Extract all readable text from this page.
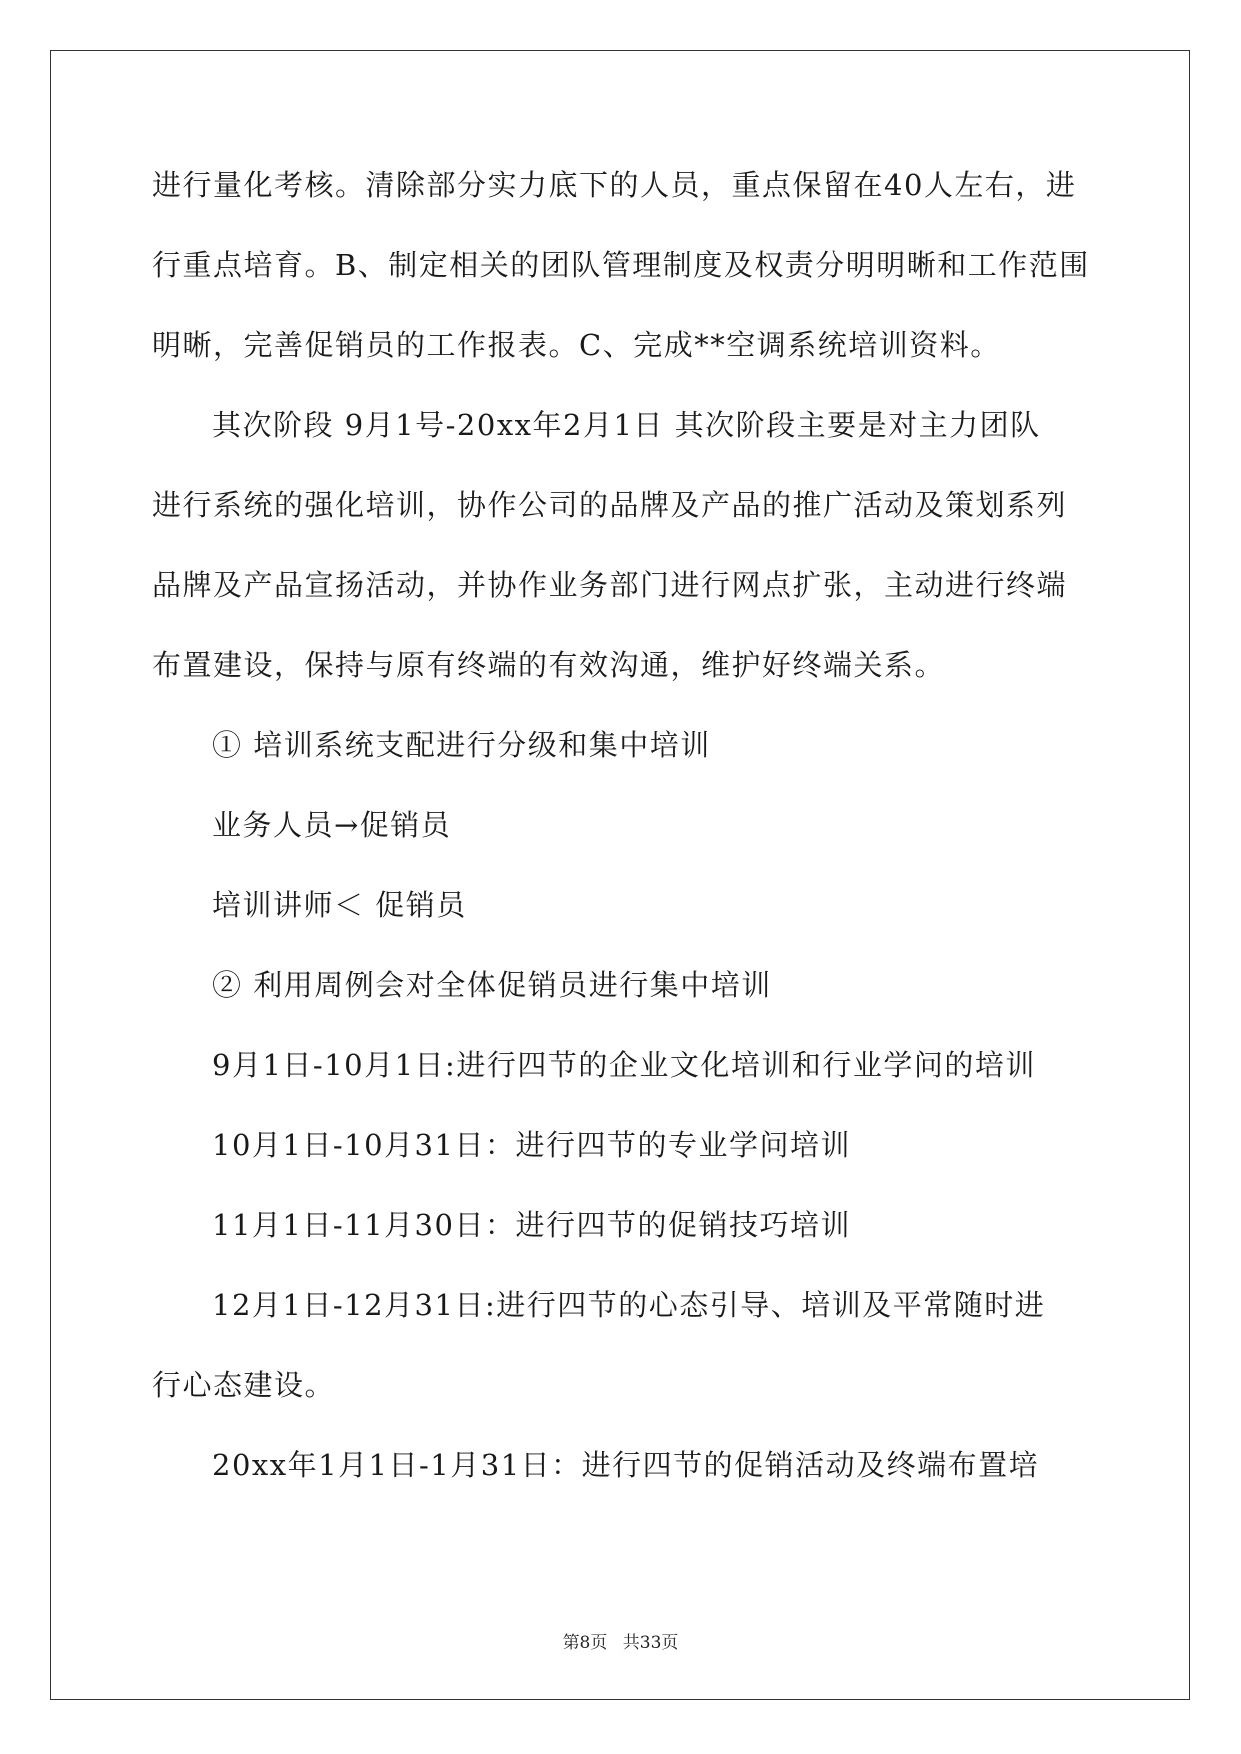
进行量化考核。清除部分实力底下的人员，重点保留在40人左右，进
行重点培育。B、制定相关的团队管理制度及权责分明明晰和工作范围
明晰，完善促销员的工作报表。C、完成**空调系统培训资料。
其次阶段 9月1号-20xx年2月1日 其次阶段主要是对主力团队
进行系统的强化培训，协作公司的品牌及产品的推广活动及策划系列
品牌及产品宣扬活动，并协作业务部门进行网点扩张，主动进行终端
布置建设，保持与原有终端的有效沟通，维护好终端关系。
① 培训系统支配进行分级和集中培训
业务人员→促销员
培训讲师＜ 促销员
② 利用周例会对全体促销员进行集中培训
9月1日-10月1日:进行四节的企业文化培训和行业学问的培训
10月1日-10月31日：进行四节的专业学问培训
11月1日-11月30日：进行四节的促销技巧培训
12月1日-12月31日:进行四节的心态引导、培训及平常随时进
行心态建设。
20xx年1月1日-1月31日：进行四节的促销活动及终端布置培
第8页 共33页
